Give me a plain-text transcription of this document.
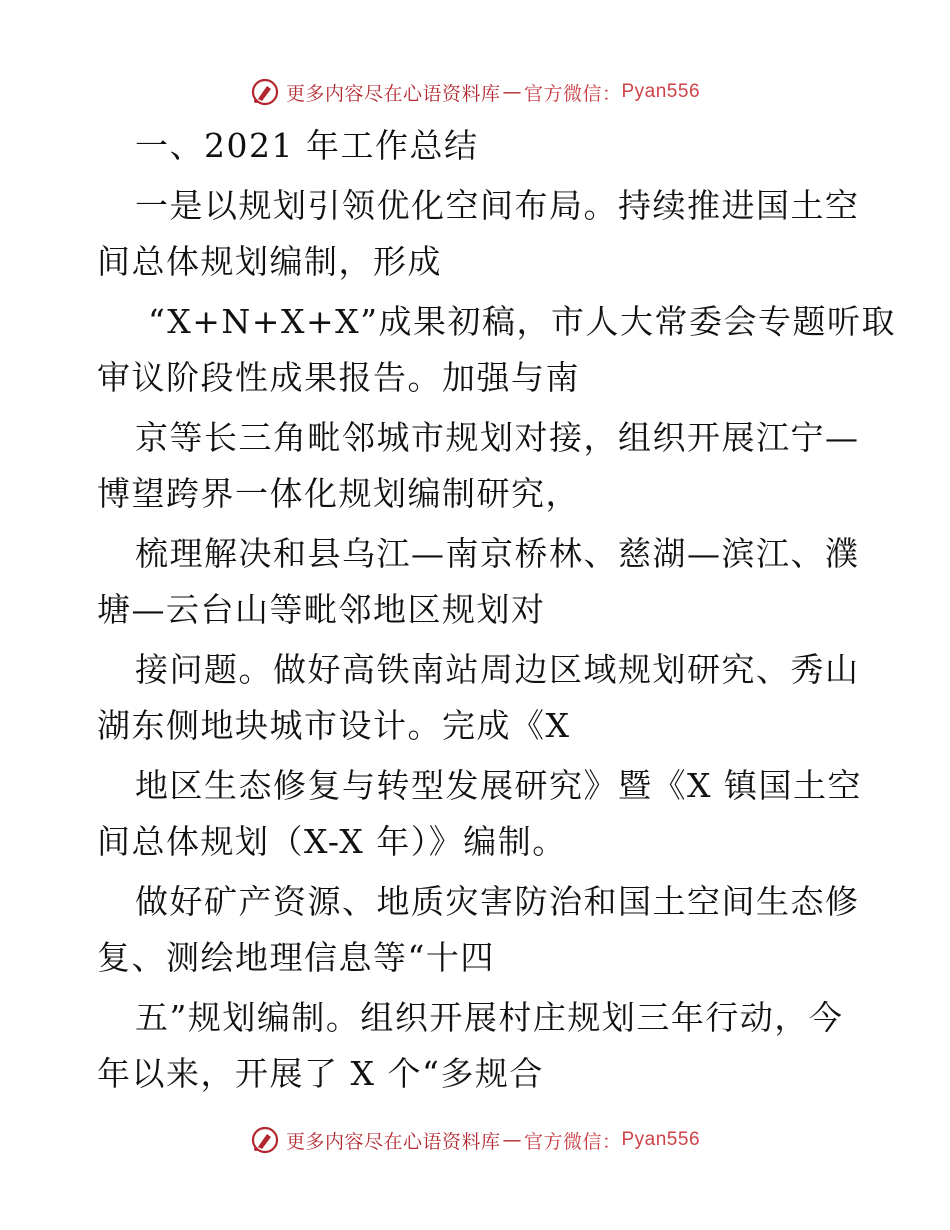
更多内容尽在心语资料库 — 官方微信： Pyan556
一、2021 年工作总结
一是以规划引领优化空间布局。持续推进国土空
间总体规划编制，形成
“X+N+X+X”成果初稿，市人大常委会专题听取
审议阶段性成果报告。加强与南
京等长三角毗邻城市规划对接，组织开展江宁—
博望跨界一体化规划编制研究，
梳理解决和县乌江—南京桥林、慈湖—滨江、濮
塘—云台山等毗邻地区规划对
接问题。做好高铁南站周边区域规划研究、秀山
湖东侧地块城市设计。完成《X
地区生态修复与转型发展研究》暨《X 镇国土空
间总体规划（X-X 年）》编制。
做好矿产资源、地质灾害防治和国土空间生态修
复、测绘地理信息等“十四
五”规划编制。组织开展村庄规划三年行动，今
年以来，开展了 X 个“多规合
更多内容尽在心语资料库 — 官方微信： Pyan556
